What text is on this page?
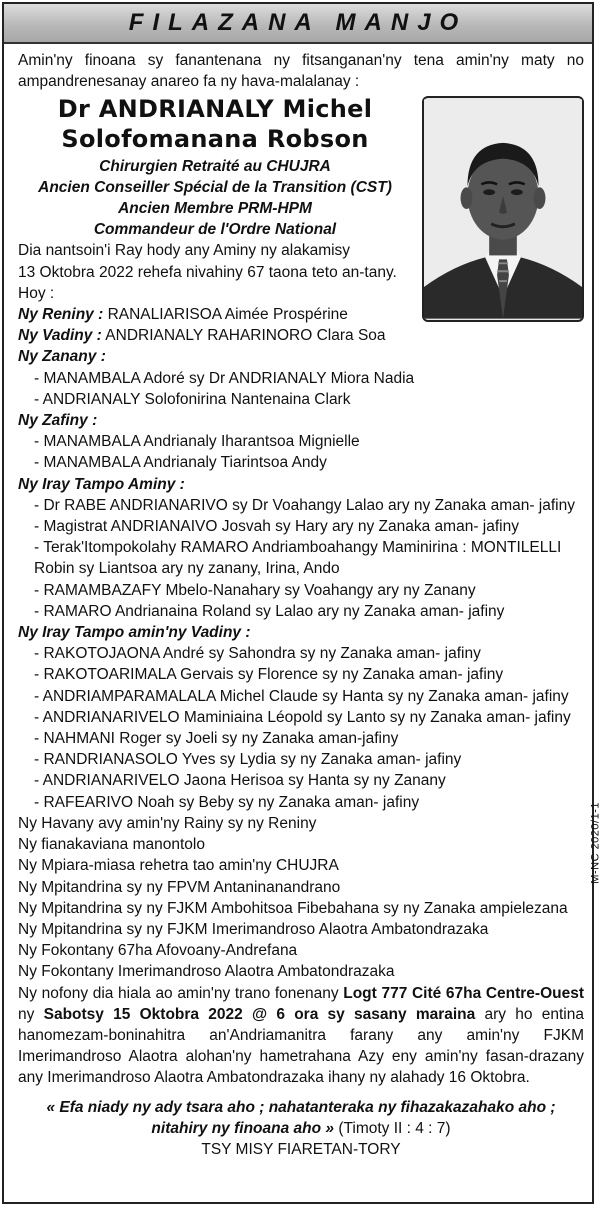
FILAZANA MANJO

Amin'ny finoana sy fanantenana ny fitsanganan'ny tena amin'ny maty no ampandrenesanay anareo fa ny hava-malalanay :

Dr ANDRIANALY Michel
Solofomanana Robson
Chirurgien Retraité au CHUJRA
Ancien Conseiller Spécial de la Transition (CST)
Ancien Membre PRM-HPM
Commandeur de l'Ordre National

Dia nantsoin'i Ray hody any Aminy ny alakamisy

13 Oktobra 2022 rehefa nivahiny 67 taona teto an-tany.

Hoy :

Ny Reniny : RANALIARISOA Aimée Prospérine

Ny Vadiny : ANDRIANALY RAHARINORO Clara Soa

Ny Zanany :

- MANAMBALA Adoré sy Dr ANDRIANALY Miora Nadia

- ANDRIANALY Solofonirina Nantenaina Clark

Ny Zafiny :

- MANAMBALA Andrianaly Iharantsoa Mignielle

- MANAMBALA Andrianaly Tiarintsoa Andy

Ny Iray Tampo Aminy :

- Dr RABE ANDRIANARIVO sy Dr Voahangy Lalao ary ny Zanaka aman- jafiny

- Magistrat ANDRIANAIVO Josvah sy Hary ary ny Zanaka aman- jafiny

- Terak'Itompokolahy RAMARO Andriamboahangy Maminirina : MONTILELLI Robin sy Liantsoa ary ny zanany, Irina, Ando

- RAMAMBAZAFY Mbelo-Nanahary sy Voahangy ary ny Zanany

- RAMARO Andrianaina Roland sy Lalao ary ny Zanaka aman- jafiny

Ny Iray Tampo amin'ny Vadiny :

- RAKOTOJAONA André sy Sahondra sy ny Zanaka aman- jafiny

- RAKOTOARIMALA Gervais sy Florence sy ny Zanaka aman- jafiny

- ANDRIAMPARAMALALA Michel Claude sy Hanta sy ny Zanaka aman- jafiny

- ANDRIANARIVELO Maminiaina Léopold sy Lanto sy ny Zanaka aman- jafiny

- NAHMANI Roger sy Joeli sy ny Zanaka aman-jafiny

- RANDRIANASOLO Yves sy Lydia sy ny Zanaka aman- jafiny

- ANDRIANARIVELO Jaona Herisoa sy Hanta sy ny Zanany

- RAFEARIVO Noah sy Beby sy ny Zanaka aman- jafiny

Ny Havany avy amin'ny Rainy sy ny Reniny

Ny fianakaviana manontolo

Ny Mpiara-miasa rehetra tao amin'ny CHUJRA

Ny Mpitandrina sy ny FPVM Antaninanandrano

Ny Mpitandrina sy ny FJKM Ambohitsoa Fibebahana sy ny Zanaka ampielezana

Ny Mpitandrina sy ny FJKM Imerimandroso Alaotra Ambatondrazaka

Ny Fokontany 67ha Afovoany-Andrefana

Ny Fokontany Imerimandroso Alaotra Ambatondrazaka

Ny nofony dia hiala ao amin'ny trano fonenany Logt 777 Cité 67ha Centre-Ouest ny Sabotsy 15 Oktobra 2022 @ 6 ora sy sasany maraina ary ho entina hanomezam-boninahitra an'Andriamanitra farany any amin'ny FJKM Imerimandroso Alaotra alohan'ny hametrahana Azy eny amin'ny fasan-drazany any Imerimandroso Alaotra Ambatondrazaka ihany ny alahady 16 Oktobra.

« Efa niady ny ady tsara aho ; nahatanteraka ny fihazakazahako aho ; nitahiry ny finoana aho » (Timoty II : 4 : 7)

TSY MISY FIARETAN-TORY

M-NC 2020/1-1
